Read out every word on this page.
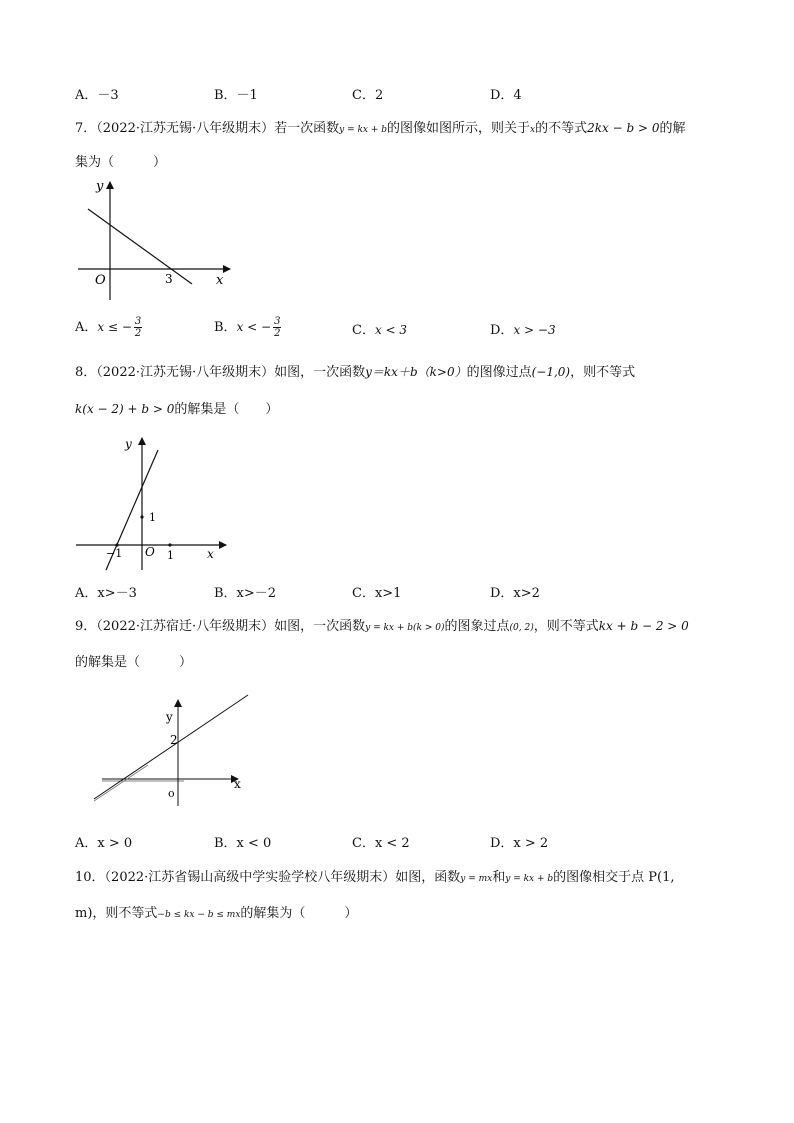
A．－3	B．－1	C．2	D．4
7．（2022·江苏无锡·八年级期末）若一次函数y = kx + b的图像如图所示，则关于x的不等式2kx − b > 0的解
集为（　　　）
y
x
O	3
A．x ≤ − $\frac{3}{2}$	B．x < − $\frac{3}{2}$	C．x < 3	D．x > −3
8．（2022·江苏无锡·八年级期末）如图，一次函数y＝kx＋b（k>0）的图像过点(−1,0)，则不等式
k(x − 2) + b > 0的解集是（　　）
y
x
O
−1	1
1
A．x>－3	B．x>－2	C．x>1	D．x>2
9．（2022·江苏宿迁·八年级期末）如图，一次函数y = kx + b(k > 0)的图象过点(0, 2)，则不等式kx + b − 2 > 0
的解集是（　　　）
y
x
o
2
A．x > 0	B．x < 0	C．x < 2	D．x > 2
10．（2022·江苏省锡山高级中学实验学校八年级期末）如图，函数y = mx和y = kx + b的图像相交于点 P(1,
m)，则不等式−b ≤ kx − b ≤ mx的解集为（　　　）
